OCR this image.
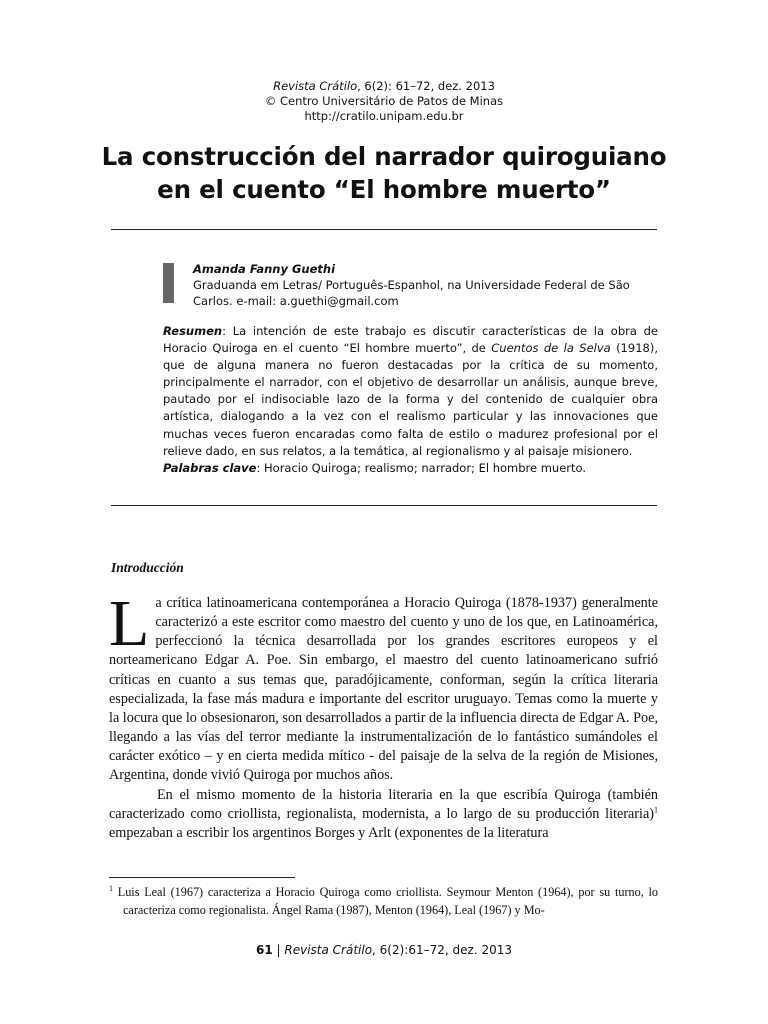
Revista Crátilo, 6(2): 61–72, dez. 2013
© Centro Universitário de Patos de Minas
http://cratilo.unipam.edu.br
La construcción del narrador quiroguiano
en el cuento “El hombre muerto”
Amanda Fanny Guethi
Graduanda em Letras/ Português-Espanhol, na Universidade Federal de São Carlos. e-mail: a.guethi@gmail.com

Resumen: La intención de este trabajo es discutir características de la obra de Horacio Quiroga en el cuento “El hombre muerto”, de Cuentos de la Selva (1918), que de alguna manera no fueron destacadas por la crítica de su momento, principalmente el narrador, con el objetivo de desarrollar un análisis, aunque breve, pautado por el indisociable lazo de la forma y del contenido de cualquier obra artística, dialogando a la vez con el realismo particular y las innovaciones que muchas veces fueron encaradas como falta de estilo o madurez profesional por el relieve dado, en sus relatos, a la temática, al regionalismo y al paisaje misionero.

Palabras clave: Horacio Quiroga; realismo; narrador; El hombre muerto.

Introducción

La crítica latinoamericana contemporánea a Horacio Quiroga (1878-1937) generalmente caracterizó a este escritor como maestro del cuento y uno de los que, en Latinoamérica, perfeccionó la técnica desarrollada por los grandes escritores europeos y el norteamericano Edgar A. Poe. Sin embargo, el maestro del cuento latinoamericano sufrió críticas en cuanto a sus temas que, paradójicamente, conforman, según la crítica literaria especializada, la fase más madura e importante del escritor uruguayo. Temas como la muerte y la locura que lo obsesionaron, son desarrollados a partir de la influencia directa de Edgar A. Poe, llegando a las vías del terror mediante la instrumentalización de lo fantástico sumándoles el carácter exótico – y en cierta medida mítico - del paisaje de la selva de la región de Misiones, Argentina, donde vivió Quiroga por muchos años.

En el mismo momento de la historia literaria en la que escribía Quiroga (también caracterizado como criollista, regionalista, modernista, a lo largo de su producción literaria)$^1$ empezaban a escribir los argentinos Borges y Arlt (exponentes de la literatura

$^1$ Luis Leal (1967) caracteriza a Horacio Quiroga como criollista. Seymour Menton (1964), por su turno, lo caracteriza como regionalista. Ángel Rama (1987), Menton (1964), Leal (1967) y Mo-
61 | Revista Crátilo, 6(2):61–72, dez. 2013
